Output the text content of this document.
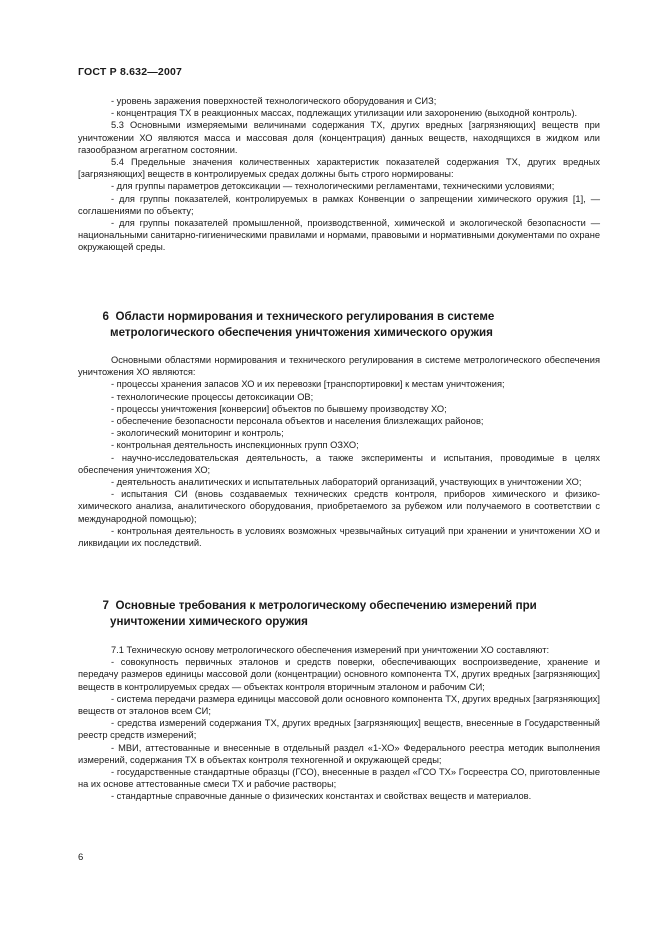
ГОСТ Р 8.632—2007

- уровень заражения поверхностей технологического оборудования и СИЗ;

- концентрация ТХ в реакционных массах, подлежащих утилизации или захоронению (выходной контроль).

5.3 Основными измеряемыми величинами содержания ТХ, других вредных [загрязняющих] веществ при уничтожении ХО являются масса и массовая доля (концентрация) данных веществ, находящихся в жидком или газообразном агрегатном состоянии.

5.4 Предельные значения количественных характеристик показателей содержания ТХ, других вредных [загрязняющих] веществ в контролируемых средах должны быть строго нормированы:

- для группы параметров детоксикации — технологическими регламентами, техническими условиями;

- для группы показателей, контролируемых в рамках Конвенции о запрещении химического оружия [1], — соглашениями по объекту;

- для группы показателей промышленной, производственной, химической и экологической безопасности — национальными санитарно-гигиеническими правилами и нормами, правовыми и нормативными документами по охране окружающей среды.

6 Области нормирования и технического регулирования в системе
метрологического обеспечения уничтожения химического оружия

Основными областями нормирования и технического регулирования в системе метрологического обеспечения уничтожения ХО являются:

- процессы хранения запасов ХО и их перевозки [транспортировки] к местам уничтожения;

- технологические процессы детоксикации ОВ;

- процессы уничтожения [конверсии] объектов по бывшему производству ХО;

- обеспечение безопасности персонала объектов и населения близлежащих районов;

- экологический мониторинг и контроль;

- контрольная деятельность инспекционных групп ОЗХО;

- научно-исследовательская деятельность, а также эксперименты и испытания, проводимые в целях обеспечения уничтожения ХО;

- деятельность аналитических и испытательных лабораторий организаций, участвующих в уничтожении ХО;

- испытания СИ (вновь создаваемых технических средств контроля, приборов химического и физико-химического анализа, аналитического оборудования, приобретаемого за рубежом или получаемого в соответствии с международной помощью);

- контрольная деятельность в условиях возможных чрезвычайных ситуаций при хранении и уничтожении ХО и ликвидации их последствий.

7 Основные требования к метрологическому обеспечению измерений при
уничтожении химического оружия

7.1 Техническую основу метрологического обеспечения измерений при уничтожении ХО составляют:

- совокупность первичных эталонов и средств поверки, обеспечивающих воспроизведение, хранение и передачу размеров единицы массовой доли (концентрации) основного компонента ТХ, других вредных [загрязняющих] веществ в контролируемых средах — объектах контроля вторичным эталоном и рабочим СИ;

- система передачи размера единицы массовой доли основного компонента ТХ, других вредных [загрязняющих] веществ от эталонов всем СИ;

- средства измерений содержания ТХ, других вредных [загрязняющих] веществ, внесенные в Государственный реестр средств измерений;

- МВИ, аттестованные и внесенные в отдельный раздел «1-ХО» Федерального реестра методик выполнения измерений, содержания ТХ в объектах контроля техногенной и окружающей среды;

- государственные стандартные образцы (ГСО), внесенные в раздел «ГСО ТХ» Госреестра СО, приготовленные на их основе аттестованные смеси ТХ и рабочие растворы;

- стандартные справочные данные о физических константах и свойствах веществ и материалов.

6
